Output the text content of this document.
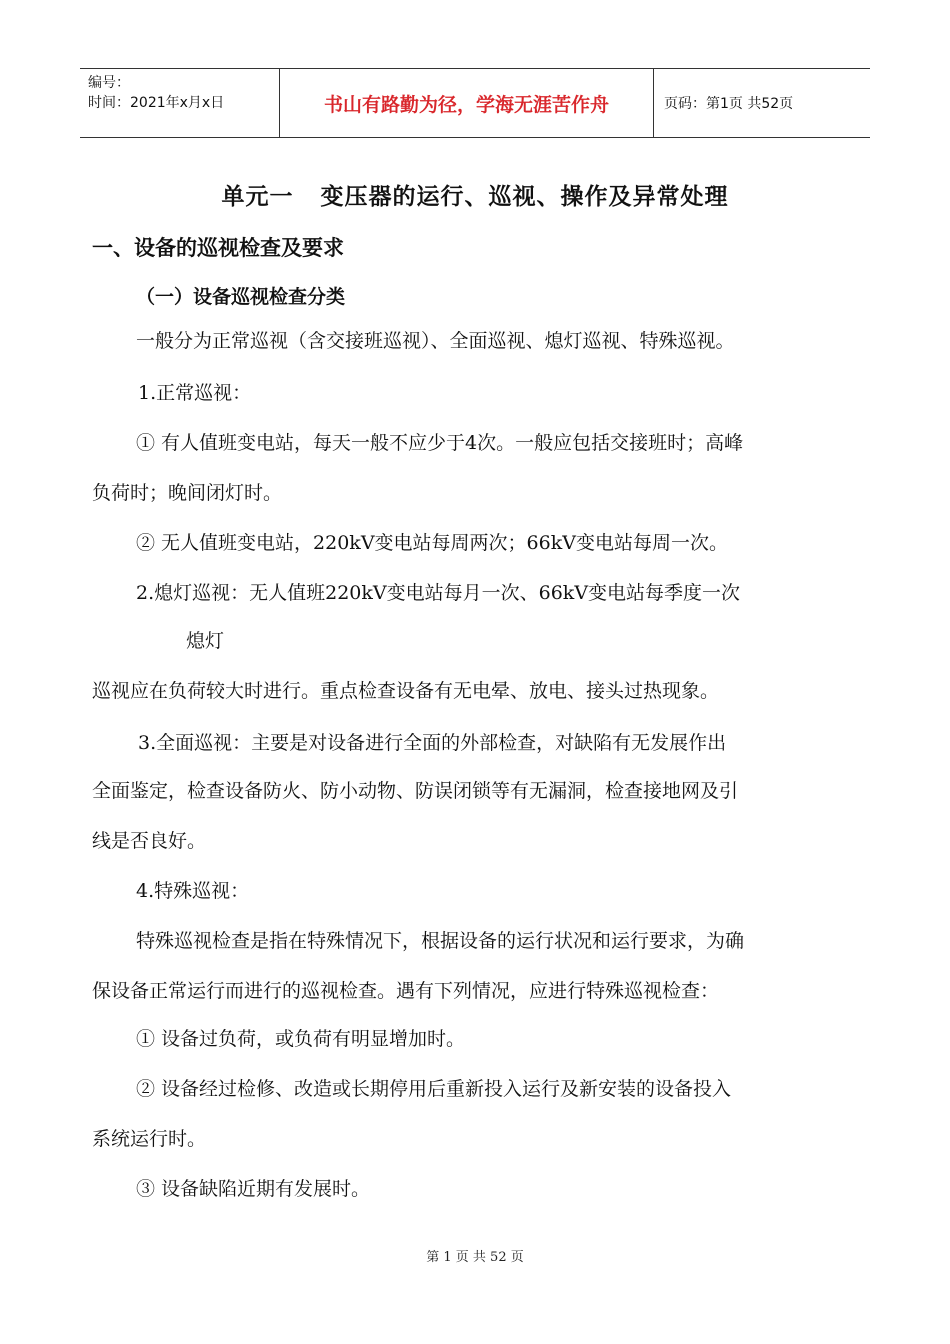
编号：
时间：2021年x月x日	书山有路勤为径，学海无涯苦作舟	页码：第1页 共52页
单元一   变压器的运行、巡视、操作及异常处理
一、设备的巡视检查及要求
（一）设备巡视检查分类
一般分为正常巡视（含交接班巡视）、全面巡视、熄灯巡视、特殊巡视。
1.正常巡视：
① 有人值班变电站，每天一般不应少于4次。一般应包括交接班时；高峰
负荷时；晚间闭灯时。
② 无人值班变电站，220kV变电站每周两次；66kV变电站每周一次。
2.熄灯巡视：无人值班220kV变电站每月一次、66kV变电站每季度一次
熄灯
巡视应在负荷较大时进行。重点检查设备有无电晕、放电、接头过热现象。
3.全面巡视：主要是对设备进行全面的外部检查，对缺陷有无发展作出
全面鉴定，检查设备防火、防小动物、防误闭锁等有无漏洞，检查接地网及引
线是否良好。
4.特殊巡视：
特殊巡视检查是指在特殊情况下，根据设备的运行状况和运行要求，为确
保设备正常运行而进行的巡视检查。遇有下列情况，应进行特殊巡视检查：
① 设备过负荷，或负荷有明显增加时。
② 设备经过检修、改造或长期停用后重新投入运行及新安装的设备投入
系统运行时。
③ 设备缺陷近期有发展时。
第 1 页 共 52 页
